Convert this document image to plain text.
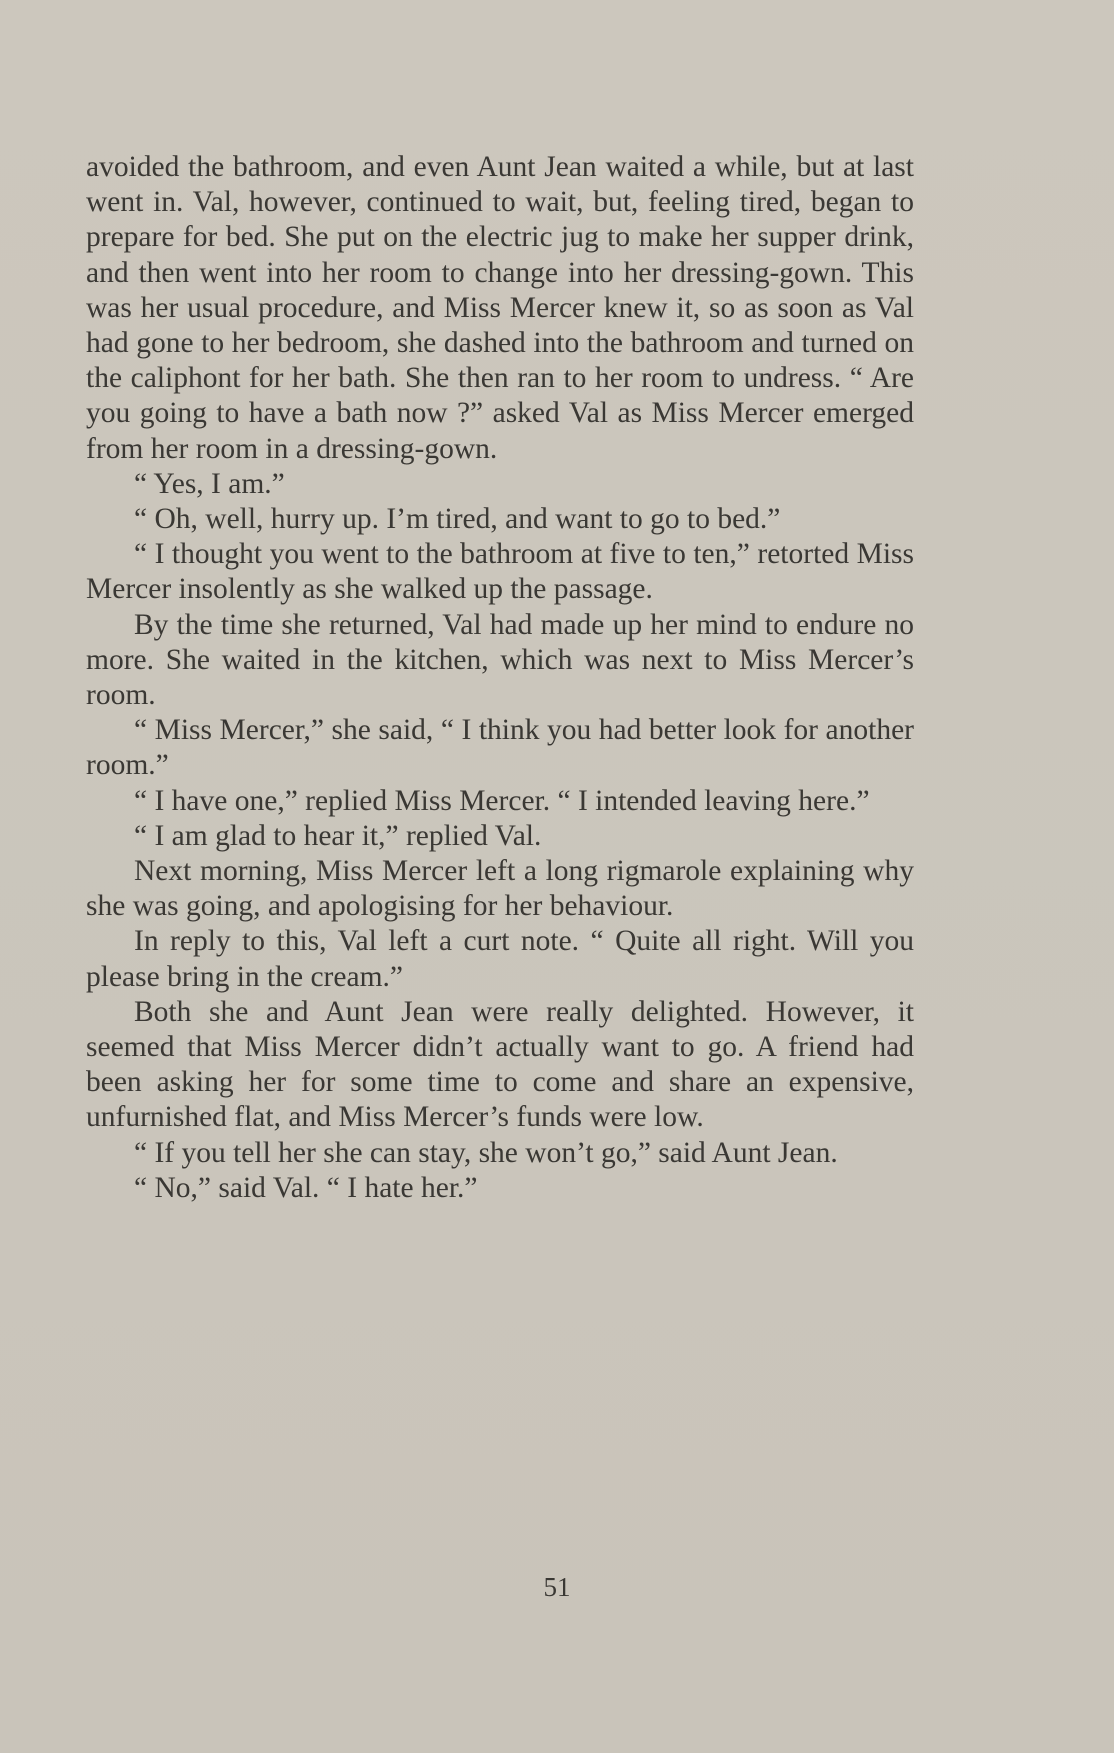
avoided the bathroom, and even Aunt Jean waited a while, but at last went in. Val, however, continued to wait, but, feeling tired, began to prepare for bed. She put on the electric jug to make her supper drink, and then went into her room to change into her dressing-gown. This was her usual procedure, and Miss Mercer knew it, so as soon as Val had gone to her bedroom, she dashed into the bathroom and turned on the caliphont for her bath. She then ran to her room to undress. “ Are you going to have a bath now ?” asked Val as Miss Mercer emerged from her room in a dressing-gown.

“ Yes, I am.”

“ Oh, well, hurry up. I’m tired, and want to go to bed.”

“ I thought you went to the bathroom at five to ten,” retorted Miss Mercer insolently as she walked up the passage.

By the time she returned, Val had made up her mind to endure no more. She waited in the kitchen, which was next to Miss Mercer’s room.

“ Miss Mercer,” she said, “ I think you had better look for another room.”

“ I have one,” replied Miss Mercer. “ I intended leaving here.”

“ I am glad to hear it,” replied Val.

Next morning, Miss Mercer left a long rigmarole explaining why she was going, and apologising for her behaviour.

In reply to this, Val left a curt note. “ Quite all right. Will you please bring in the cream.”

Both she and Aunt Jean were really delighted. However, it seemed that Miss Mercer didn’t actually want to go. A friend had been asking her for some time to come and share an expensive, unfurnished flat, and Miss Mercer’s funds were low.

“ If you tell her she can stay, she won’t go,” said Aunt Jean.

“ No,” said Val. “ I hate her.”

51
